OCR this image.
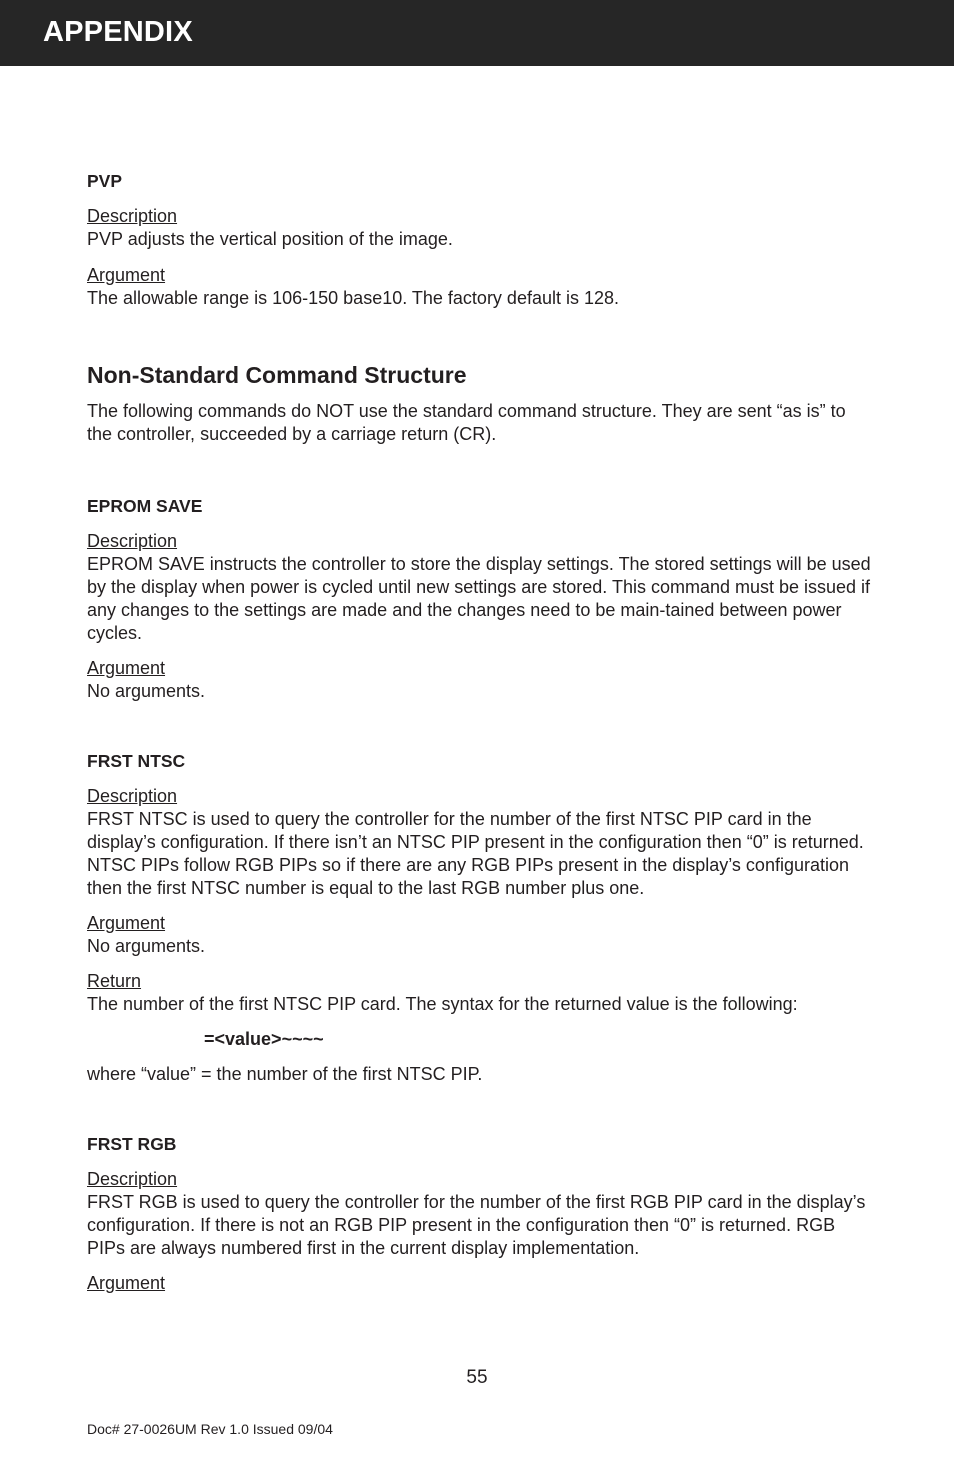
APPENDIX

PVP

Description
PVP adjusts the vertical position of the image.
Argument
The allowable range is 106-150 base10. The factory default is 128.

Non-Standard Command Structure

The following commands do NOT use the standard command structure. They are sent “as is” to the controller, succeeded by a carriage return (CR).

EPROM SAVE

Description
EPROM SAVE instructs the controller to store the display settings. The stored settings will be used by the display when power is cycled until new settings are stored. This command must be issued if any changes to the settings are made and the changes need to be main-tained between power cycles.
Argument
No arguments.

FRST NTSC

Description
FRST NTSC is used to query the controller for the number of the first NTSC PIP card in the display’s configuration. If there isn’t an NTSC PIP present in the configuration then “0” is returned. NTSC PIPs follow RGB PIPs so if there are any RGB PIPs present in the display’s configuration then the first NTSC number is equal to the last RGB number plus one.
Argument
No arguments.
Return
The number of the first NTSC PIP card. The syntax for the returned value is the following:
=<value>~~~~

where “value” = the number of the first NTSC PIP.

FRST RGB

Description
FRST RGB is used to query the controller for the number of the first RGB PIP card in the display’s configuration. If there is not an RGB PIP present in the configuration then “0” is returned. RGB PIPs are always numbered first in the current display implementation.
Argument
55
Doc# 27-0026UM Rev 1.0 Issued 09/04
